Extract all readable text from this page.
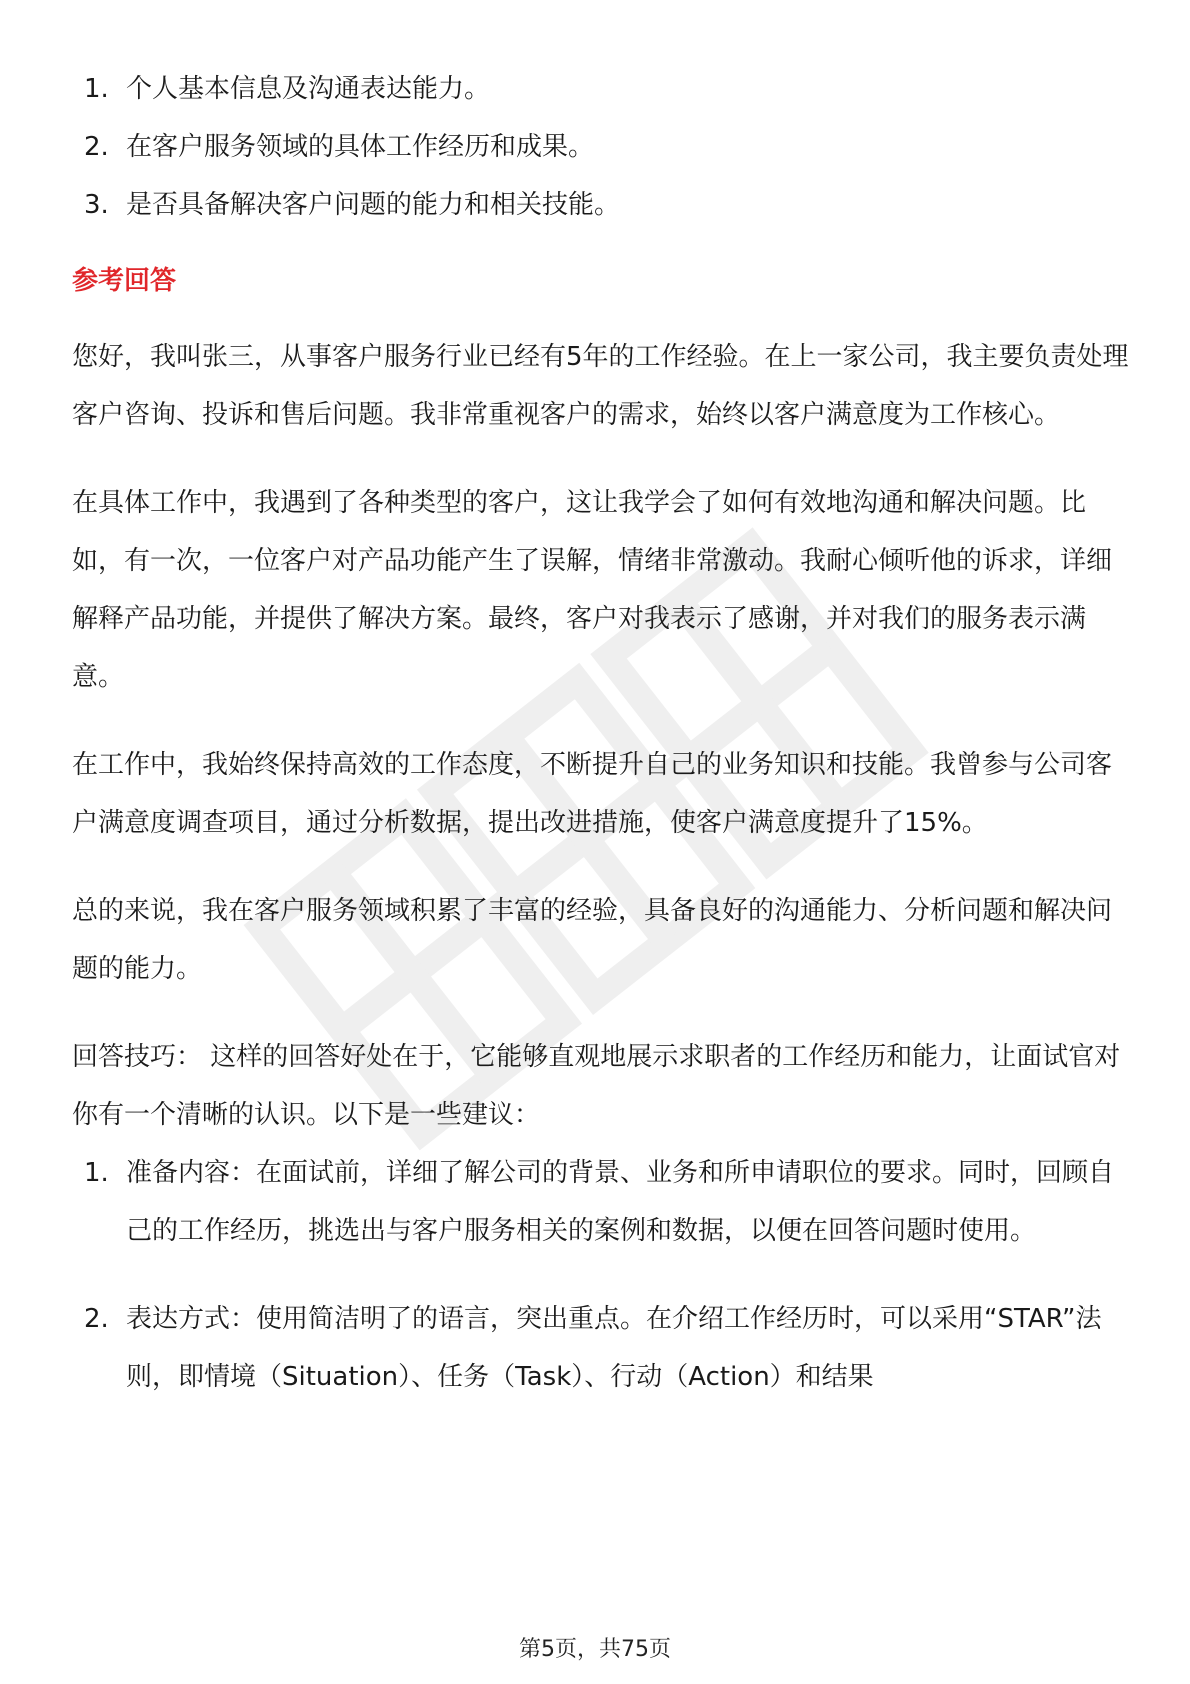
1. 个人基本信息及沟通表达能力。
2. 在客户服务领域的具体工作经历和成果。
3. 是否具备解决客户问题的能力和相关技能。
参考回答

您好，我叫张三，从事客户服务行业已经有5年的工作经验。在上一家公司，我主要负责处理客户咨询、投诉和售后问题。我非常重视客户的需求，始终以客户满意度为工作核心。

在具体工作中，我遇到了各种类型的客户，这让我学会了如何有效地沟通和解决问题。比如，有一次，一位客户对产品功能产生了误解，情绪非常激动。我耐心倾听他的诉求，详细解释产品功能，并提供了解决方案。最终，客户对我表示了感谢，并对我们的服务表示满意。

在工作中，我始终保持高效的工作态度，不断提升自己的业务知识和技能。我曾参与公司客户满意度调查项目，通过分析数据，提出改进措施，使客户满意度提升了15%。

总的来说，我在客户服务领域积累了丰富的经验，具备良好的沟通能力、分析问题和解决问题的能力。

回答技巧： 这样的回答好处在于，它能够直观地展示求职者的工作经历和能力，让面试官对你有一个清晰的认识。以下是一些建议：

1. 准备内容：在面试前，详细了解公司的背景、业务和所申请职位的要求。同时，回顾自己的工作经历，挑选出与客户服务相关的案例和数据，以便在回答问题时使用。
2. 表达方式：使用简洁明了的语言，突出重点。在介绍工作经历时，可以采用“STAR”法则，即情境（Situation）、任务（Task）、行动（Action）和结果
第5页，共75页
